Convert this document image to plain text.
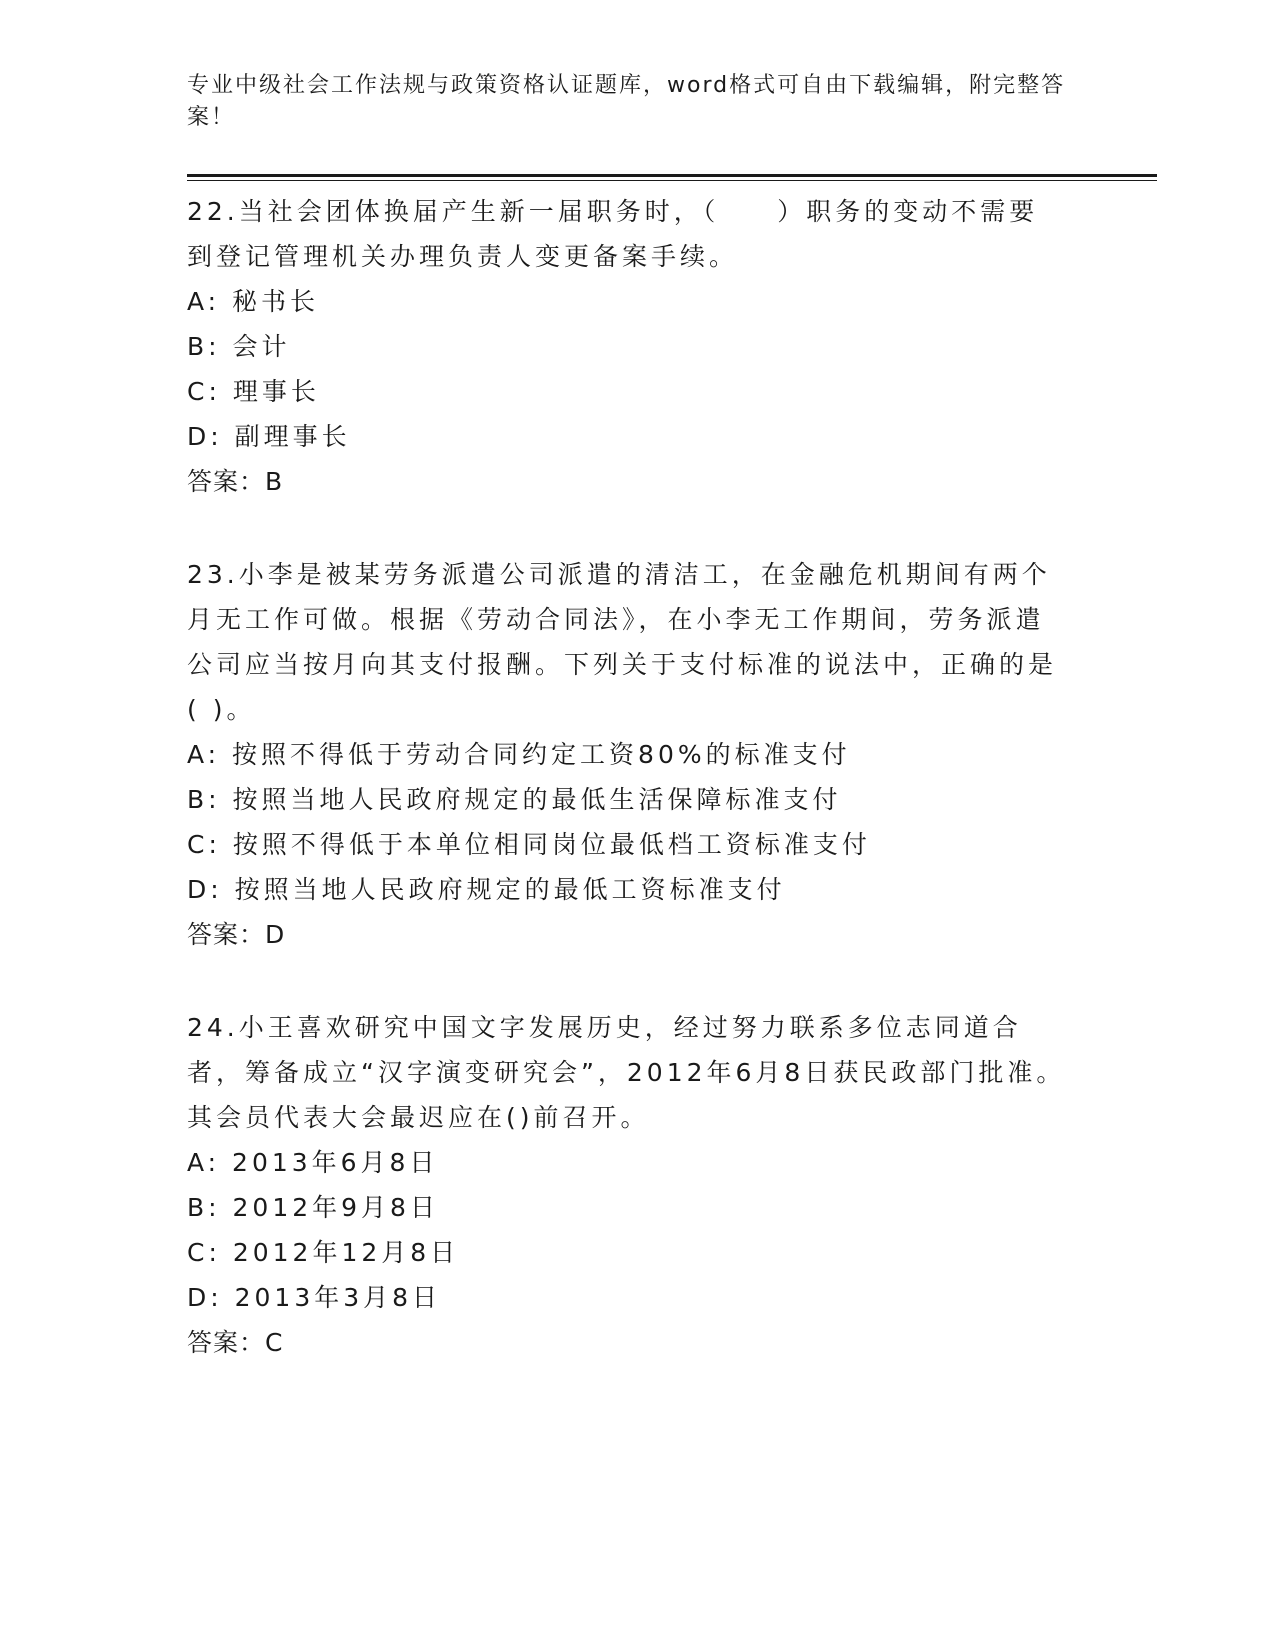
专业中级社会工作法规与政策资格认证题库，word格式可自由下载编辑，附完整答案！
22.当社会团体换届产生新一届职务时，（　　）职务的变动不需要到登记管理机关办理负责人变更备案手续。
A: 秘书长
B: 会计
C: 理事长
D: 副理事长
答案：B
23.小李是被某劳务派遣公司派遣的清洁工，在金融危机期间有两个月无工作可做。根据《劳动合同法》，在小李无工作期间，劳务派遣公司应当按月向其支付报酬。下列关于支付标准的说法中，正确的是( )。
A: 按照不得低于劳动合同约定工资80%的标准支付
B: 按照当地人民政府规定的最低生活保障标准支付
C: 按照不得低于本单位相同岗位最低档工资标准支付
D: 按照当地人民政府规定的最低工资标准支付
答案：D
24.小王喜欢研究中国文字发展历史，经过努力联系多位志同道合者，筹备成立“汉字演变研究会”，2012年6月8日获民政部门批准。其会员代表大会最迟应在()前召开。
A: 2013年6月8日
B: 2012年9月8日
C: 2012年12月8日
D: 2013年3月8日
答案：C
